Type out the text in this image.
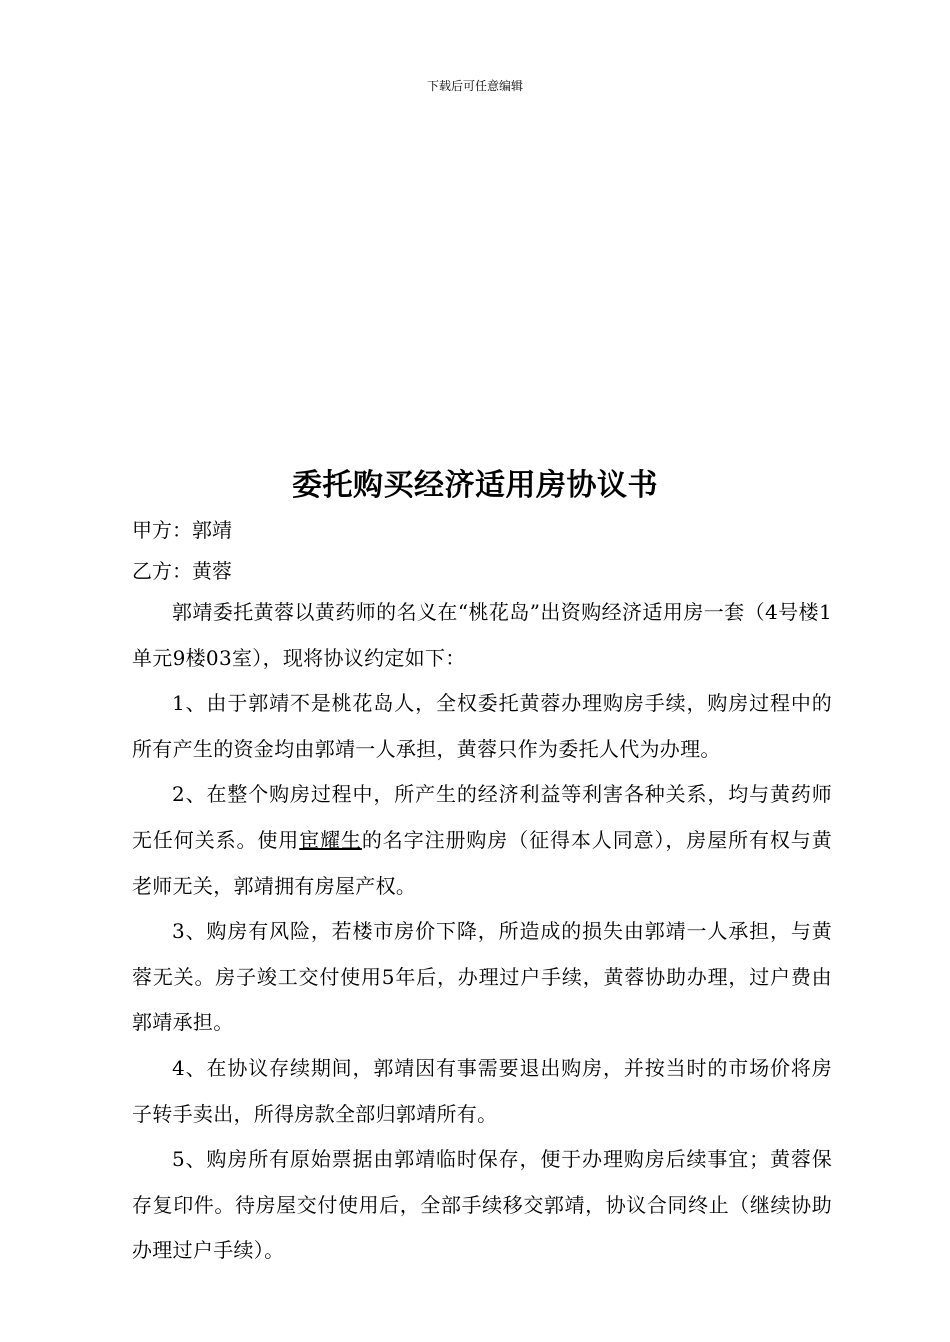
下载后可任意编辑
委托购买经济适用房协议书
甲方：郭靖
乙方：黄蓉

郭靖委托黄蓉以黄药师的名义在“桃花岛”出资购经济适用房一套（4号楼1单元9楼03室），现将协议约定如下：

1、由于郭靖不是桃花岛人，全权委托黄蓉办理购房手续，购房过程中的所有产生的资金均由郭靖一人承担，黄蓉只作为委托人代为办理。

2、在整个购房过程中，所产生的经济利益等利害各种关系，均与黄药师无任何关系。使用宦耀生的名字注册购房（征得本人同意），房屋所有权与黄老师无关，郭靖拥有房屋产权。

3、购房有风险，若楼市房价下降，所造成的损失由郭靖一人承担，与黄蓉无关。房子竣工交付使用5年后，办理过户手续，黄蓉协助办理，过户费由郭靖承担。

4、在协议存续期间，郭靖因有事需要退出购房，并按当时的市场价将房子转手卖出，所得房款全部归郭靖所有。

5、购房所有原始票据由郭靖临时保存，便于办理购房后续事宜；黄蓉保存复印件。待房屋交付使用后，全部手续移交郭靖，协议合同终止（继续协助办理过户手续）。
